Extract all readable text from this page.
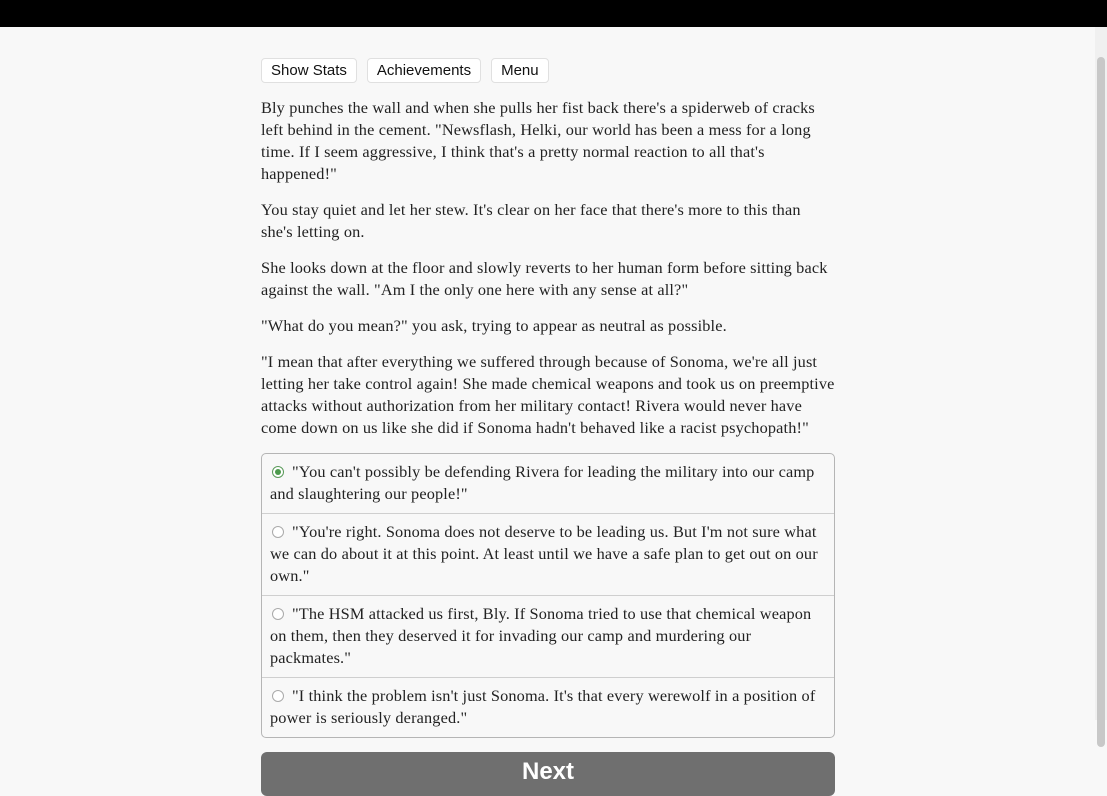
Show Stats	Achievements	Menu

Bly punches the wall and when she pulls her fist back there's a spiderweb of cracks left behind in the cement. "Newsflash, Helki, our world has been a mess for a long time. If I seem aggressive, I think that's a pretty normal reaction to all that's happened!"

You stay quiet and let her stew. It's clear on her face that there's more to this than she's letting on.

She looks down at the floor and slowly reverts to her human form before sitting back against the wall. "Am I the only one here with any sense at all?"

"What do you mean?" you ask, trying to appear as neutral as possible.

"I mean that after everything we suffered through because of Sonoma, we're all just letting her take control again! She made chemical weapons and took us on preemptive attacks without authorization from her military contact! Rivera would never have come down on us like she did if Sonoma hadn't behaved like a racist psychopath!"

"You can't possibly be defending Rivera for leading the military into our camp and slaughtering our people!"
"You're right. Sonoma does not deserve to be leading us. But I'm not sure what we can do about it at this point. At least until we have a safe plan to get out on our own."
"The HSM attacked us first, Bly. If Sonoma tried to use that chemical weapon on them, then they deserved it for invading our camp and murdering our packmates."
"I think the problem isn't just Sonoma. It's that every werewolf in a position of power is seriously deranged."
Next
